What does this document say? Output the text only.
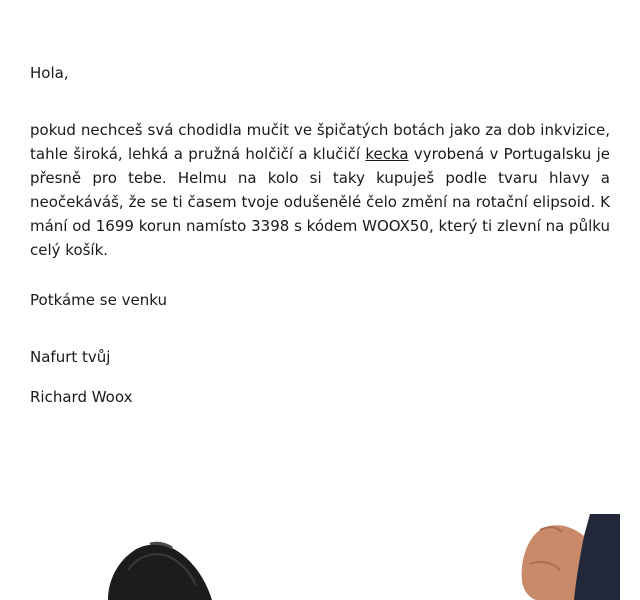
Hola,

pokud nechceš svá chodidla mučit ve špičatých botách jako za dob inkvizice, tahle široká, lehká a pružná holčičí a klučičí kecka vyrobená v Portugalsku je přesně pro tebe. Helmu na kolo si taky kupuješ podle tvaru hlavy a neočekáváš, že se ti časem tvoje odušenělé čelo změní na rotační elipsoid. K mání od 1699 korun namísto 3398 s kódem WOOX50, který ti zlevní na půlku celý košík.

Potkáme se venku
Nafurt tvůj
Richard Woox
